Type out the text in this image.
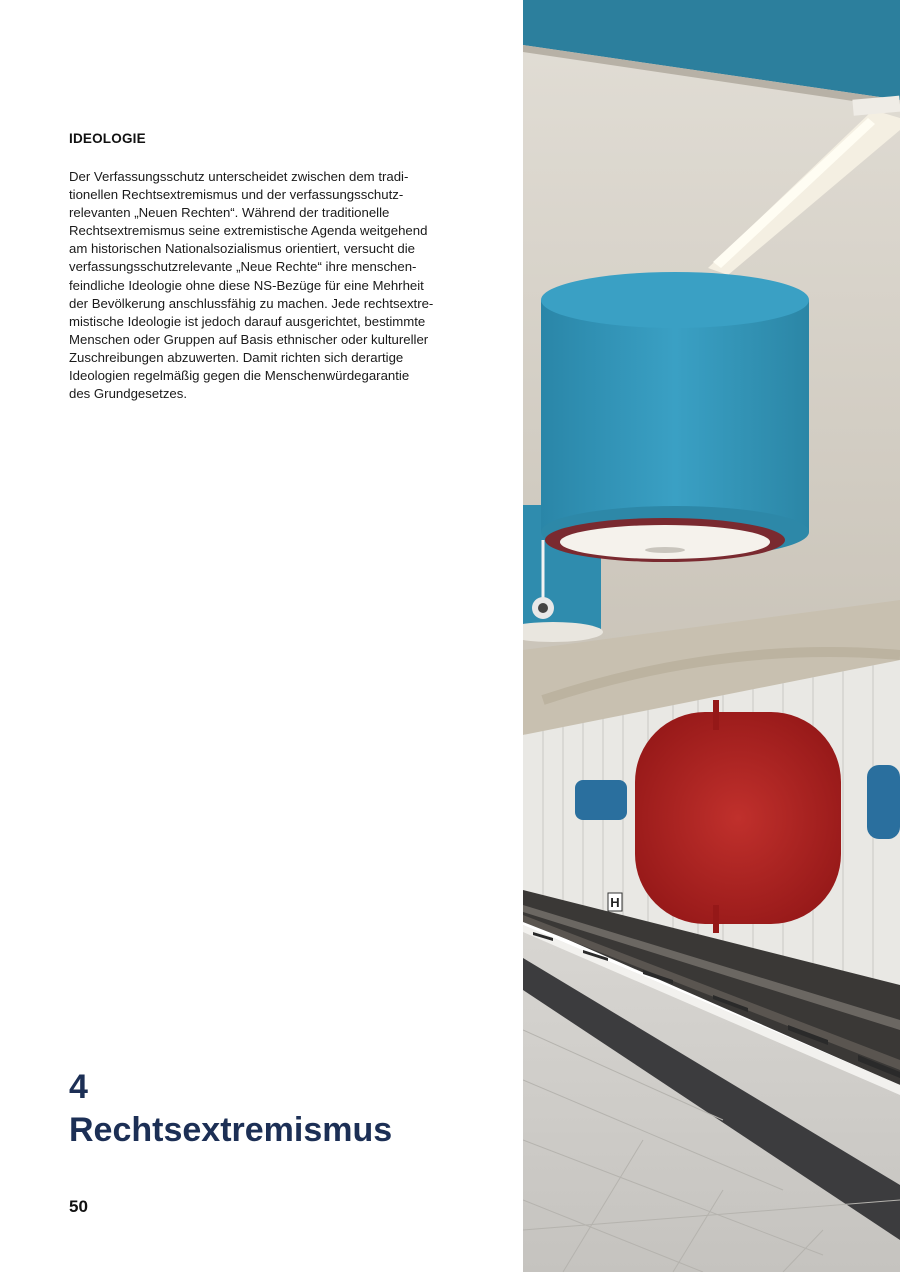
IDEOLOGIE
Der Verfassungsschutz unterscheidet zwischen dem tradi-
tionellen Rechtsextremismus und der verfassungsschutz-
relevanten „Neuen Rechten“. Während der traditionelle
Rechtsextremismus seine extremistische Agenda weitgehend
am historischen Nationalsozialismus orientiert, versucht die
verfassungsschutzrelevante „Neue Rechte“ ihre menschen-
feindliche Ideologie ohne diese NS-Bezüge für eine Mehrheit
der Bevölkerung anschlussfähig zu machen. Jede rechtsextre-
mistische Ideologie ist jedoch darauf ausgerichtet, bestimmte
Menschen oder Gruppen auf Basis ethnischer oder kultureller
Zuschreibungen abzuwerten. Damit richten sich derartige
Ideologien regelmäßig gegen die Menschenwürdegarantie
des Grundgesetzes.
4
Rechtsextremismus
50
H
